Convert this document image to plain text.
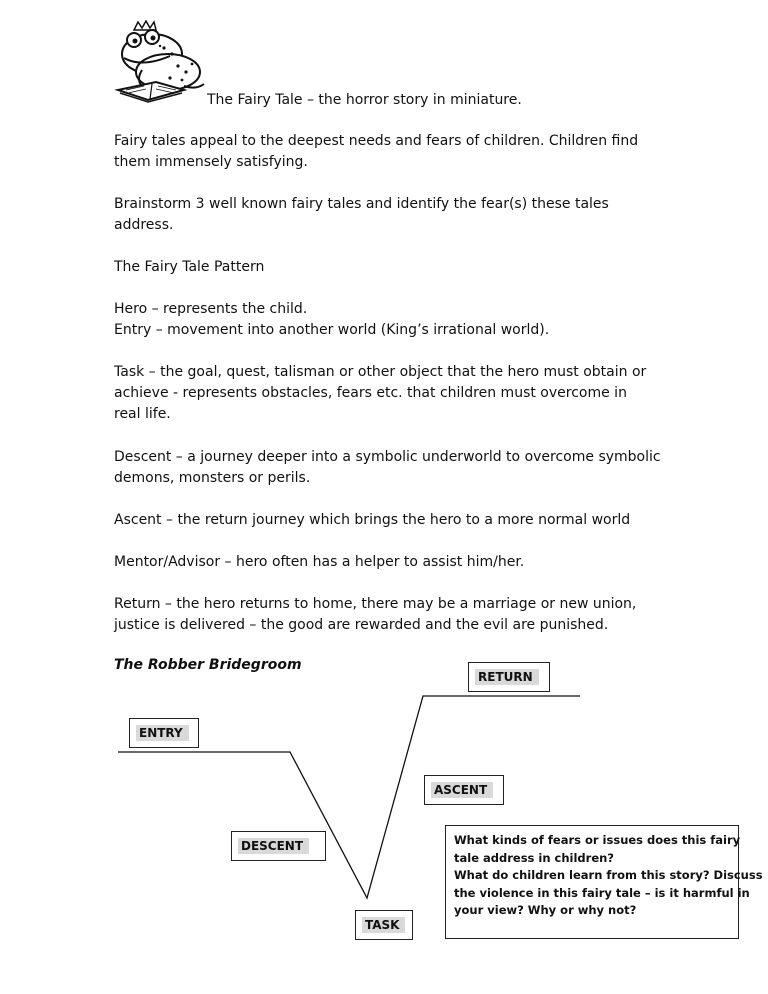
The Fairy Tale – the horror story in miniature.
Fairy tales appeal to the deepest needs and fears of children. Children find
them immensely satisfying.
Brainstorm 3 well known fairy tales and identify the fear(s) these tales
address.
The Fairy Tale Pattern
Hero – represents the child.
Entry – movement into another world (King’s irrational world).
Task – the goal, quest, talisman or other object that the hero must obtain or
achieve - represents obstacles, fears etc. that children must overcome in
real life.
Descent – a journey deeper into a symbolic underworld to overcome symbolic
demons, monsters or perils.
Ascent – the return journey which brings the hero to a more normal world
Mentor/Advisor – hero often has a helper to assist him/her.
Return – the hero returns to home, there may be a marriage or new union,
justice is delivered – the good are rewarded and the evil are punished.
The Robber Bridegroom
ENTRY
DESCENT
TASK
ASCENT
RETURN
What kinds of fears or issues does this fairy
tale address in children?
What do children learn from this story? Discuss
the violence in this fairy tale – is it harmful in
your view? Why or why not?
